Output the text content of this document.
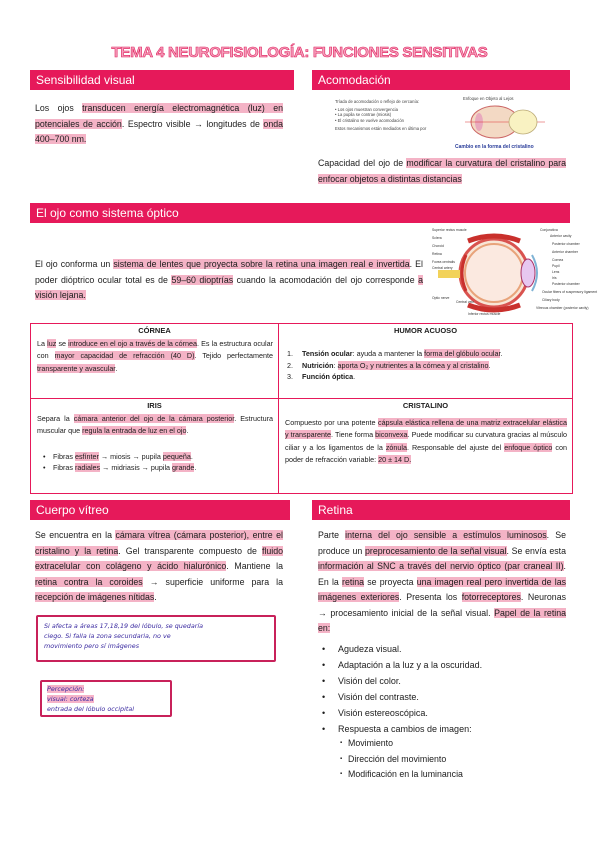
TEMA 4 NEUROFISIOLOGÍA: FUNCIONES SENSITIVAS
Sensibilidad visual
Los ojos transducen energía electromagnética (luz) en potenciales de acción. Espectro visible → longitudes de onda 400–700 nm.
Acomodación
Tríada de acomodación o reflejo de cercanía:
• Los ojos muestran convergencia
• La pupila se contrae (miosis)
• El cristalino se vuelve acomodación
Estos mecanismos están mediados en última por
Enfoque en Objeto al Lejos
Cambio en la forma del cristalino
Capacidad del ojo de modificar la curvatura del cristalino para enfocar objetos a distintas distancias
El ojo como sistema óptico
El ojo conforma un sistema de lentes que proyecta sobre la retina una imagen real e invertida. El poder dióptrico ocular total es de 59–60 dioptrías cuando la acomodación del ojo corresponde a visión lejana.
Superior rectus muscle
Sclera
Choroid
Retina
Fovea centralis
Central artery
Optic nerve
Central vein
Inferior rectus muscle
Conjunctiva
Anterior cavity
Posterior chamber
Anterior chamber
Cornea
Pupil
Lens
Iris
Posterior chamber
Ocular fibers of suspensory ligament
Ciliary body
Vitreous chamber (posterior cavity)
CÓRNEA
La luz se introduce en el ojo a través de la córnea. Es la estructura ocular con mayor capacidad de refracción (40 D). Tejido perfectamente transparente y avascular.
HUMOR ACUOSO
1. Tensión ocular: ayuda a mantener la forma del glóbulo ocular.
2. Nutrición: aporta O₂ y nutrientes a la córnea y al cristalino.
3. Función óptica.
IRIS
Separa la cámara anterior del ojo de la cámara posterior. Estructura muscular que regula la entrada de luz en el ojo.
• Fibras esfínter → miosis → pupila pequeña.
• Fibras radiales → midriasis → pupila grande.
CRISTALINO
Compuesto por una potente cápsula elástica rellena de una matriz extracelular elástica y transparente. Tiene forma biconvexa. Puede modificar su curvatura gracias al músculo ciliar y a los ligamentos de la zónula. Responsable del ajuste del enfoque óptico con poder de refracción variable: 20 ± 14 D.
Cuerpo vítreo
Se encuentra en la cámara vítrea (cámara posterior), entre el cristalino y la retina. Gel transparente compuesto de fluido extracelular con colágeno y ácido hialurónico. Mantiene la retina contra la coroides → superficie uniforme para la recepción de imágenes nítidas.
Si afecta a áreas 17,18,19 del lóbulo, se quedaría
ciego. Si falla la zona secundaria, no ve
movimiento pero sí imágenes
Percepción:
visual: corteza
entrada del lóbulo occipital
Retina
Parte interna del ojo sensible a estímulos luminosos. Se produce un preprocesamiento de la señal visual. Se envía esta información al SNC a través del nervio óptico (par craneal II). En la retina se proyecta una imagen real pero invertida de las imágenes exteriores. Presenta los fotorreceptores. Neuronas → procesamiento inicial de la señal visual. Papel de la retina en:
• Agudeza visual.
• Adaptación a la luz y a la oscuridad.
• Visión del color.
• Visión del contraste.
• Visión estereoscópica.
• Respuesta a cambios de imagen:
▪ Movimiento
▪ Dirección del movimiento
▪ Modificación en la luminancia
